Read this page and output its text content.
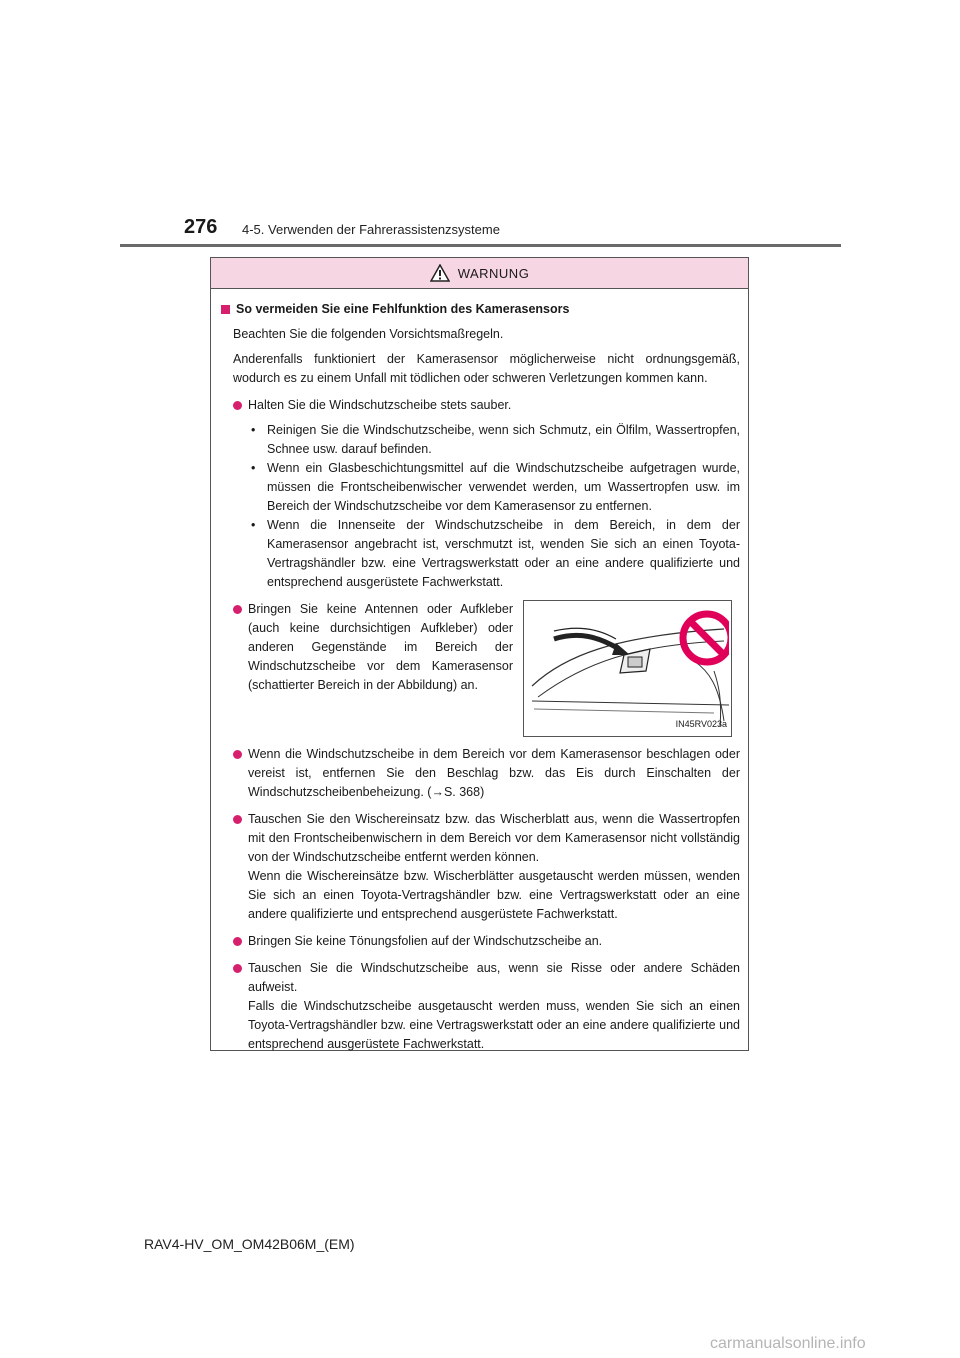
276 4-5. Verwenden der Fahrerassistenzsysteme
WARNUNG
So vermeiden Sie eine Fehlfunktion des Kamerasensors
Beachten Sie die folgenden Vorsichtsmaßregeln.
Anderenfalls funktioniert der Kamerasensor möglicherweise nicht ordnungsgemäß, wodurch es zu einem Unfall mit tödlichen oder schweren Verletzungen kommen kann.
Halten Sie die Windschutzscheibe stets sauber.
• Reinigen Sie die Windschutzscheibe, wenn sich Schmutz, ein Ölfilm, Wassertropfen, Schnee usw. darauf befinden.
• Wenn ein Glasbeschichtungsmittel auf die Windschutzscheibe aufgetragen wurde, müssen die Frontscheibenwischer verwendet werden, um Wassertropfen usw. im Bereich der Windschutzscheibe vor dem Kamerasensor zu entfernen.
• Wenn die Innenseite der Windschutzscheibe in dem Bereich, in dem der Kamerasensor angebracht ist, verschmutzt ist, wenden Sie sich an einen Toyota-Vertragshändler bzw. eine Vertragswerkstatt oder an eine andere qualifizierte und entsprechend ausgerüstete Fachwerkstatt.
Bringen Sie keine Antennen oder Aufkleber (auch keine durchsichtigen Aufkleber) oder anderen Gegenstände im Bereich der Windschutzscheibe vor dem Kamerasensor (schattierter Bereich in der Abbildung) an.
IN45RV023a
Wenn die Windschutzscheibe in dem Bereich vor dem Kamerasensor beschlagen oder vereist ist, entfernen Sie den Beschlag bzw. das Eis durch Einschalten der Windschutzscheibenbeheizung. (→S. 368)
Tauschen Sie den Wischereinsatz bzw. das Wischerblatt aus, wenn die Wassertropfen mit den Frontscheibenwischern in dem Bereich vor dem Kamerasensor nicht vollständig von der Windschutzscheibe entfernt werden können.
Wenn die Wischereinsätze bzw. Wischerblätter ausgetauscht werden müssen, wenden Sie sich an einen Toyota-Vertragshändler bzw. eine Vertragswerkstatt oder an eine andere qualifizierte und entsprechend ausgerüstete Fachwerkstatt.
Bringen Sie keine Tönungsfolien auf der Windschutzscheibe an.
Tauschen Sie die Windschutzscheibe aus, wenn sie Risse oder andere Schäden aufweist.
Falls die Windschutzscheibe ausgetauscht werden muss, wenden Sie sich an einen Toyota-Vertragshändler bzw. eine Vertragswerkstatt oder an eine andere qualifizierte und entsprechend ausgerüstete Fachwerkstatt.
RAV4-HV_OM_OM42B06M_(EM)
carmanualsonline.info
